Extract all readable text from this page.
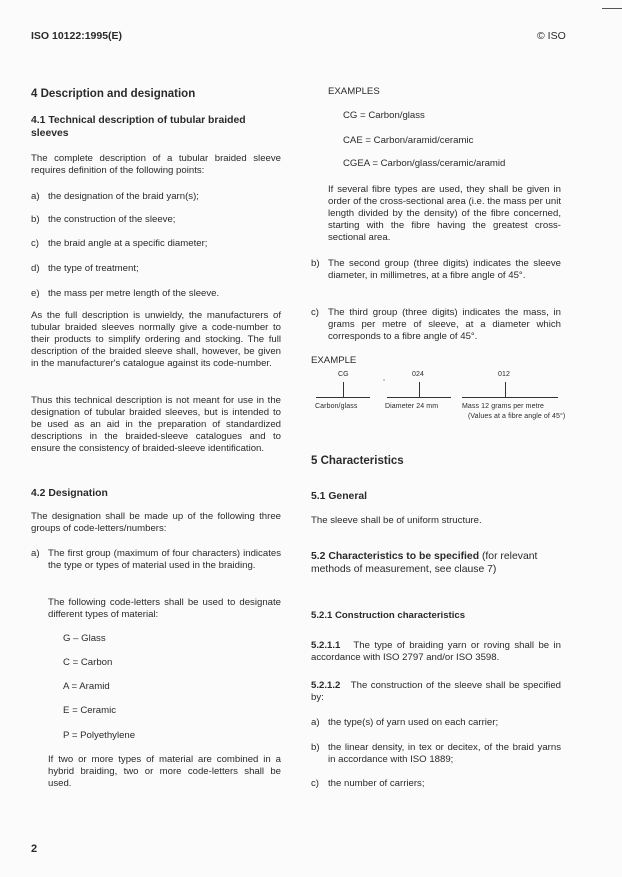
ISO 10122:1995(E)	© ISO
4 Description and designation
4.1 Technical description of tubular braided sleeves
The complete description of a tubular braided sleeve requires definition of the following points:
a) the designation of the braid yarn(s);
b) the construction of the sleeve;
c) the braid angle at a specific diameter;
d) the type of treatment;
e) the mass per metre length of the sleeve.
As the full description is unwieldy, the manufacturers of tubular braided sleeves normally give a code-number to their products to simplify ordering and stocking. The full description of the braided sleeve shall, however, be given in the manufacturer's catalogue against its code-number.
Thus this technical description is not meant for use in the designation of tubular braided sleeves, but is intended to be used as an aid in the preparation of standardized descriptions in the braided-sleeve catalogues and to ensure the consistency of braided-sleeve identification.
4.2 Designation
The designation shall be made up of the following three groups of code-letters/numbers:
a) The first group (maximum of four characters) indicates the type or types of material used in the braiding.
The following code-letters shall be used to designate different types of material:
G – Glass
C = Carbon
A = Aramid
E = Ceramic
P = Polyethylene
If two or more types of material are combined in a hybrid braiding, two or more code-letters shall be used.
2
EXAMPLES
CG = Carbon/glass
CAE = Carbon/aramid/ceramic
CGEA = Carbon/glass/ceramic/aramid
If several fibre types are used, they shall be given in order of the cross-sectional area (i.e. the mass per unit length divided by the density) of the fibre concerned, starting with the fibre having the greatest cross-sectional area.
b) The second group (three digits) indicates the sleeve diameter, in millimetres, at a fibre angle of 45°.
c) The third group (three digits) indicates the mass, in grams per metre of sleeve, at a diameter which corresponds to a fibre angle of 45°.
EXAMPLE
CG
,
024	012
Carbon/glass	Diameter 24 mm	Mass 12 grams per metre
(Values at a fibre angle of 45°)
5 Characteristics
5.1 General
The sleeve shall be of uniform structure.
5.2 Characteristics to be specified (for relevant methods of measurement, see clause 7)
5.2.1 Construction characteristics
5.2.1.1 The type of braiding yarn or roving shall be in accordance with ISO 2797 and/or ISO 3598.
5.2.1.2 The construction of the sleeve shall be specified by:
a) the type(s) of yarn used on each carrier;
b) the linear density, in tex or decitex, of the braid yarns in accordance with ISO 1889;
c) the number of carriers;
